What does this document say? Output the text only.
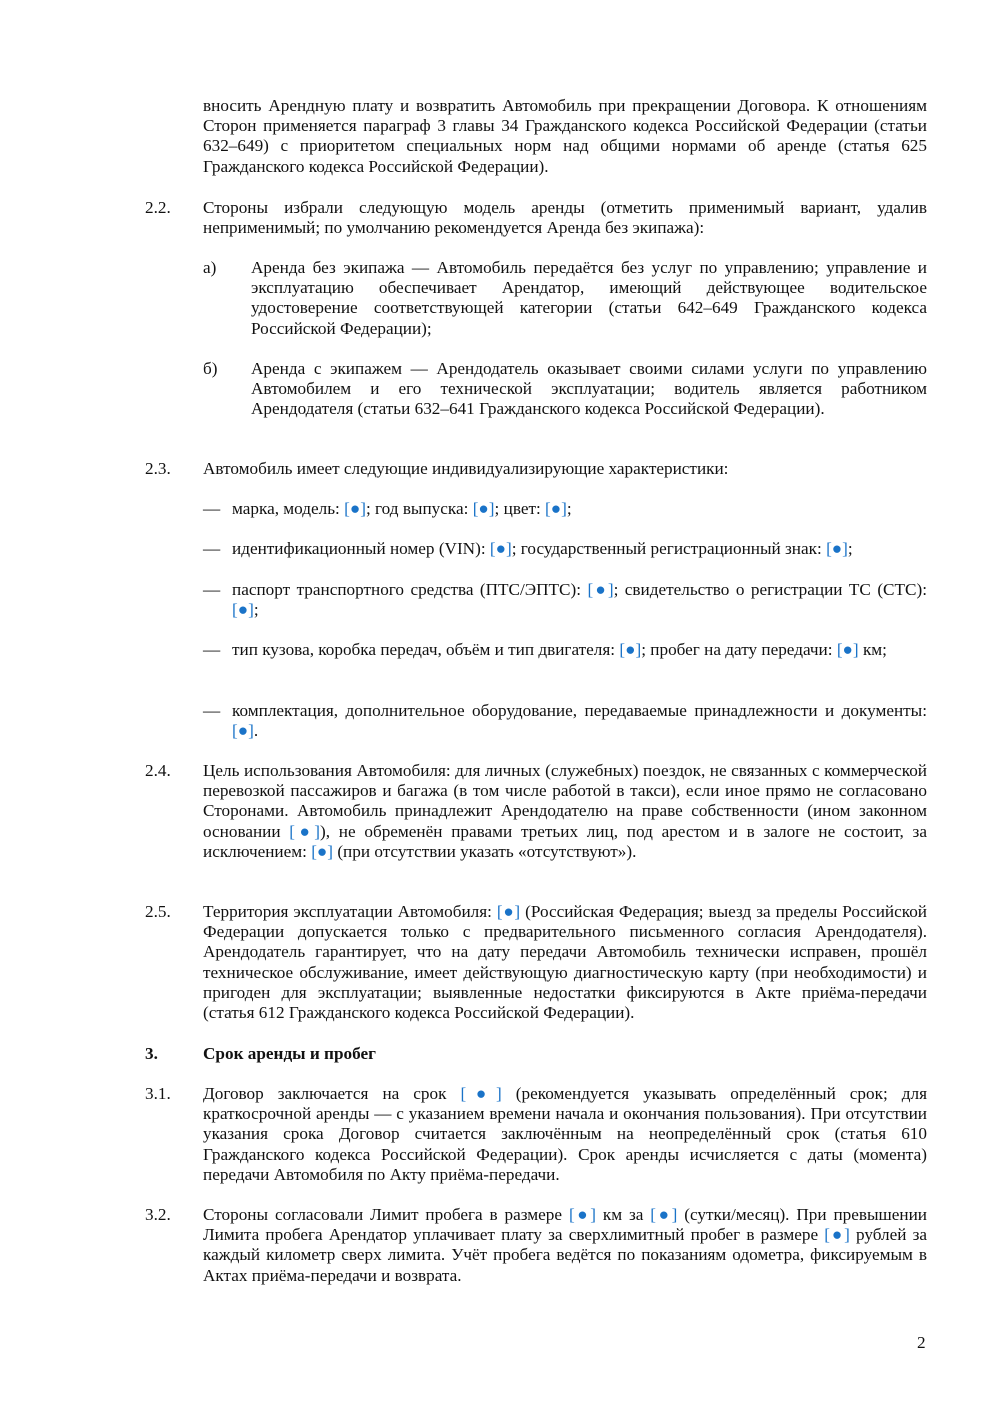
вносить Арендную плату и возвратить Автомобиль при прекращении Договора. К отношениям Сторон применяется параграф 3 главы 34 Гражданского кодекса Российской Федерации (статьи 632–649) с приоритетом специальных норм над общими нормами об аренде (статья 625 Гражданского кодекса Российской Федерации).
2.2. Стороны избрали следующую модель аренды (отметить применимый вариант, удалив неприменимый; по умолчанию рекомендуется Аренда без экипажа):
а) Аренда без экипажа — Автомобиль передаётся без услуг по управлению; управление и эксплуатацию обеспечивает Арендатор, имеющий действующее водительское удостоверение соответствующей категории (статьи 642–649 Гражданского кодекса Российской Федерации);
б) Аренда с экипажем — Арендодатель оказывает своими силами услуги по управлению Автомобилем и его технической эксплуатации; водитель является работником Арендодателя (статьи 632–641 Гражданского кодекса Российской Федерации).
2.3. Автомобиль имеет следующие индивидуализирующие характеристики:
— марка, модель: [●]; год выпуска: [●]; цвет: [●];
— идентификационный номер (VIN): [●]; государственный регистрационный знак: [●];
— паспорт транспортного средства (ПТС/ЭПТС): [●]; свидетельство о регистрации ТС (СТС): [●];
— тип кузова, коробка передач, объём и тип двигателя: [●]; пробег на дату передачи: [●] км;
— комплектация, дополнительное оборудование, передаваемые принадлежности и документы: [●].
2.4. Цель использования Автомобиля: для личных (служебных) поездок, не связанных с коммерческой перевозкой пассажиров и багажа (в том числе работой в такси), если иное прямо не согласовано Сторонами. Автомобиль принадлежит Арендодателю на праве собственности (ином законном основании [●]), не обременён правами третьих лиц, под арестом и в залоге не состоит, за исключением: [●] (при отсутствии указать «отсутствуют»).
2.5. Территория эксплуатации Автомобиля: [●] (Российская Федерация; выезд за пределы Российской Федерации допускается только с предварительного письменного согласия Арендодателя). Арендодатель гарантирует, что на дату передачи Автомобиль технически исправен, прошёл техническое обслуживание, имеет действующую диагностическую карту (при необходимости) и пригоден для эксплуатации; выявленные недостатки фиксируются в Акте приёма-передачи (статья 612 Гражданского кодекса Российской Федерации).
3.	Срок аренды и пробег
3.1. Договор заключается на срок [●] (рекомендуется указывать определённый срок; для краткосрочной аренды — с указанием времени начала и окончания пользования). При отсутствии указания срока Договор считается заключённым на неопределённый срок (статья 610 Гражданского кодекса Российской Федерации). Срок аренды исчисляется с даты (момента) передачи Автомобиля по Акту приёма-передачи.
3.2. Стороны согласовали Лимит пробега в размере [●] км за [●] (сутки/месяц). При превышении Лимита пробега Арендатор уплачивает плату за сверхлимитный пробег в размере [●] рублей за каждый километр сверх лимита. Учёт пробега ведётся по показаниям одометра, фиксируемым в Актах приёма-передачи и возврата.
2
